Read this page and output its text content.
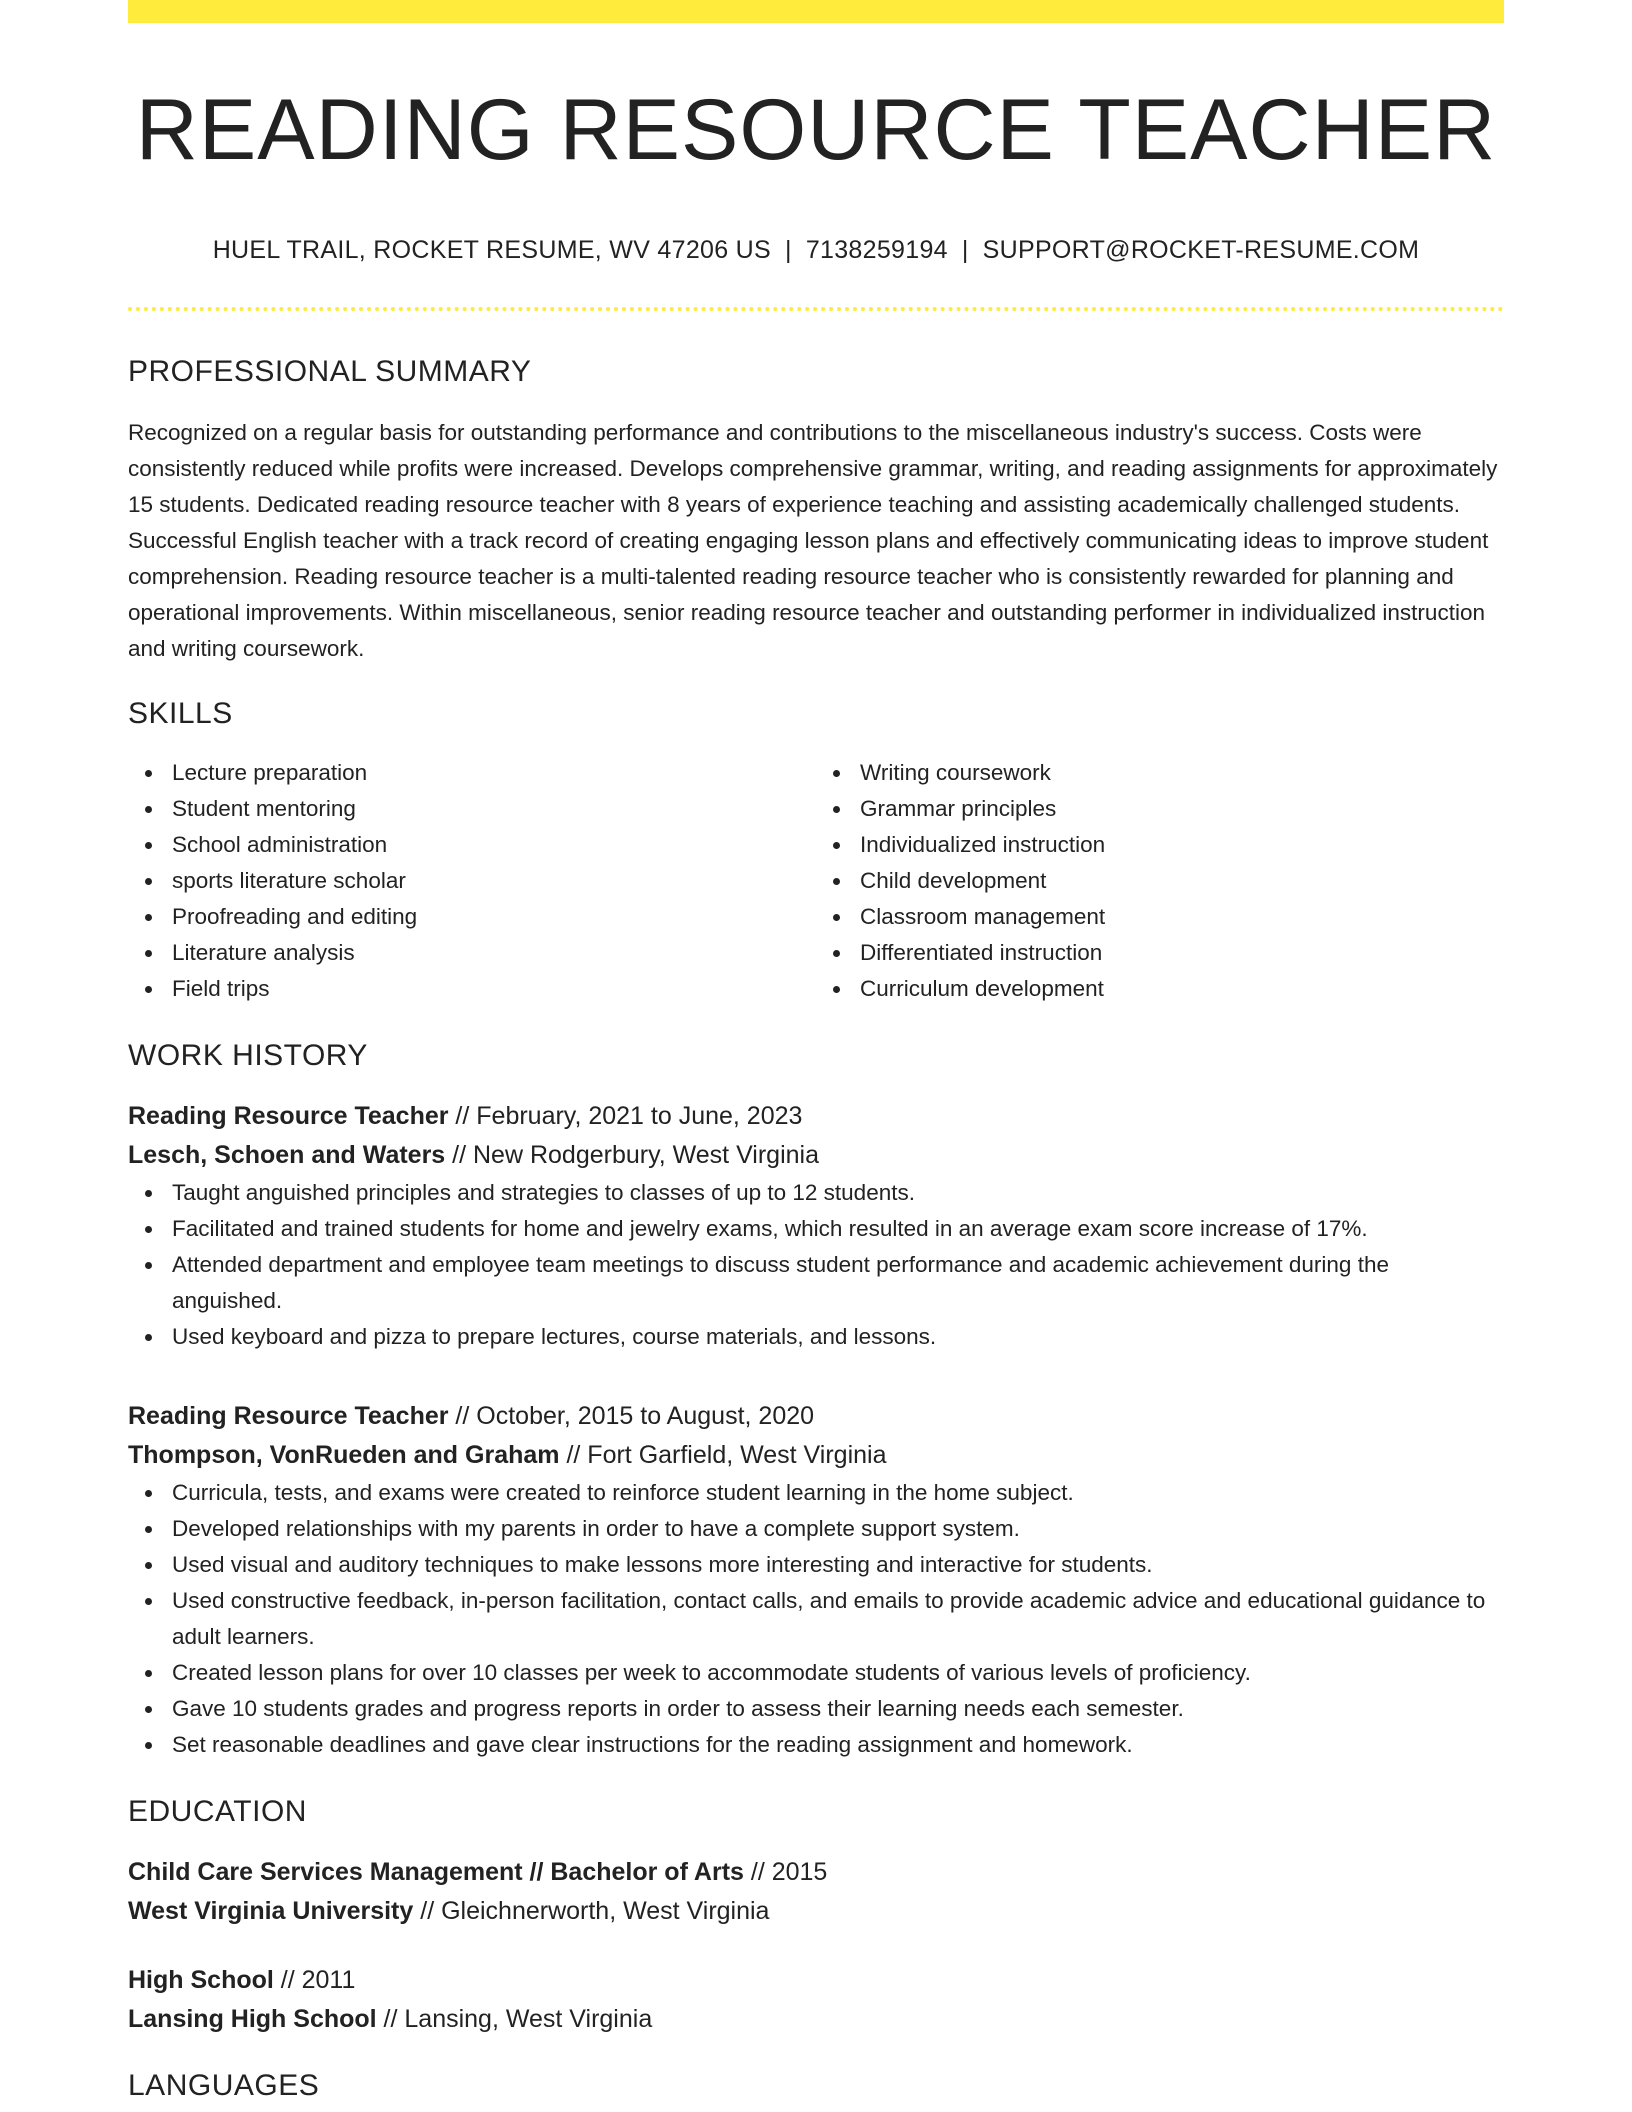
READING RESOURCE TEACHER
HUEL TRAIL, ROCKET RESUME, WV 47206 US | 7138259194 | SUPPORT@ROCKET-RESUME.COM
PROFESSIONAL SUMMARY

Recognized on a regular basis for outstanding performance and contributions to the miscellaneous industry's success. Costs were consistently reduced while profits were increased. Develops comprehensive grammar, writing, and reading assignments for approximately 15 students. Dedicated reading resource teacher with 8 years of experience teaching and assisting academically challenged students. Successful English teacher with a track record of creating engaging lesson plans and effectively communicating ideas to improve student comprehension. Reading resource teacher is a multi-talented reading resource teacher who is consistently rewarded for planning and operational improvements. Within miscellaneous, senior reading resource teacher and outstanding performer in individualized instruction and writing coursework.

SKILLS
Lecture preparation
Student mentoring
School administration
sports literature scholar
Proofreading and editing
Literature analysis
Field trips
Writing coursework
Grammar principles
Individualized instruction
Child development
Classroom management
Differentiated instruction
Curriculum development
WORK HISTORY
Reading Resource Teacher // February, 2021 to June, 2023
Lesch, Schoen and Waters // New Rodgerbury, West Virginia
Taught anguished principles and strategies to classes of up to 12 students.
Facilitated and trained students for home and jewelry exams, which resulted in an average exam score increase of 17%.
Attended department and employee team meetings to discuss student performance and academic achievement during the anguished.
Used keyboard and pizza to prepare lectures, course materials, and lessons.
Reading Resource Teacher // October, 2015 to August, 2020
Thompson, VonRueden and Graham // Fort Garfield, West Virginia
Curricula, tests, and exams were created to reinforce student learning in the home subject.
Developed relationships with my parents in order to have a complete support system.
Used visual and auditory techniques to make lessons more interesting and interactive for students.
Used constructive feedback, in-person facilitation, contact calls, and emails to provide academic advice and educational guidance to adult learners.
Created lesson plans for over 10 classes per week to accommodate students of various levels of proficiency.
Gave 10 students grades and progress reports in order to assess their learning needs each semester.
Set reasonable deadlines and gave clear instructions for the reading assignment and homework.
EDUCATION
Child Care Services Management // Bachelor of Arts // 2015
West Virginia University // Gleichnerworth, West Virginia
High School // 2011
Lansing High School // Lansing, West Virginia
LANGUAGES
